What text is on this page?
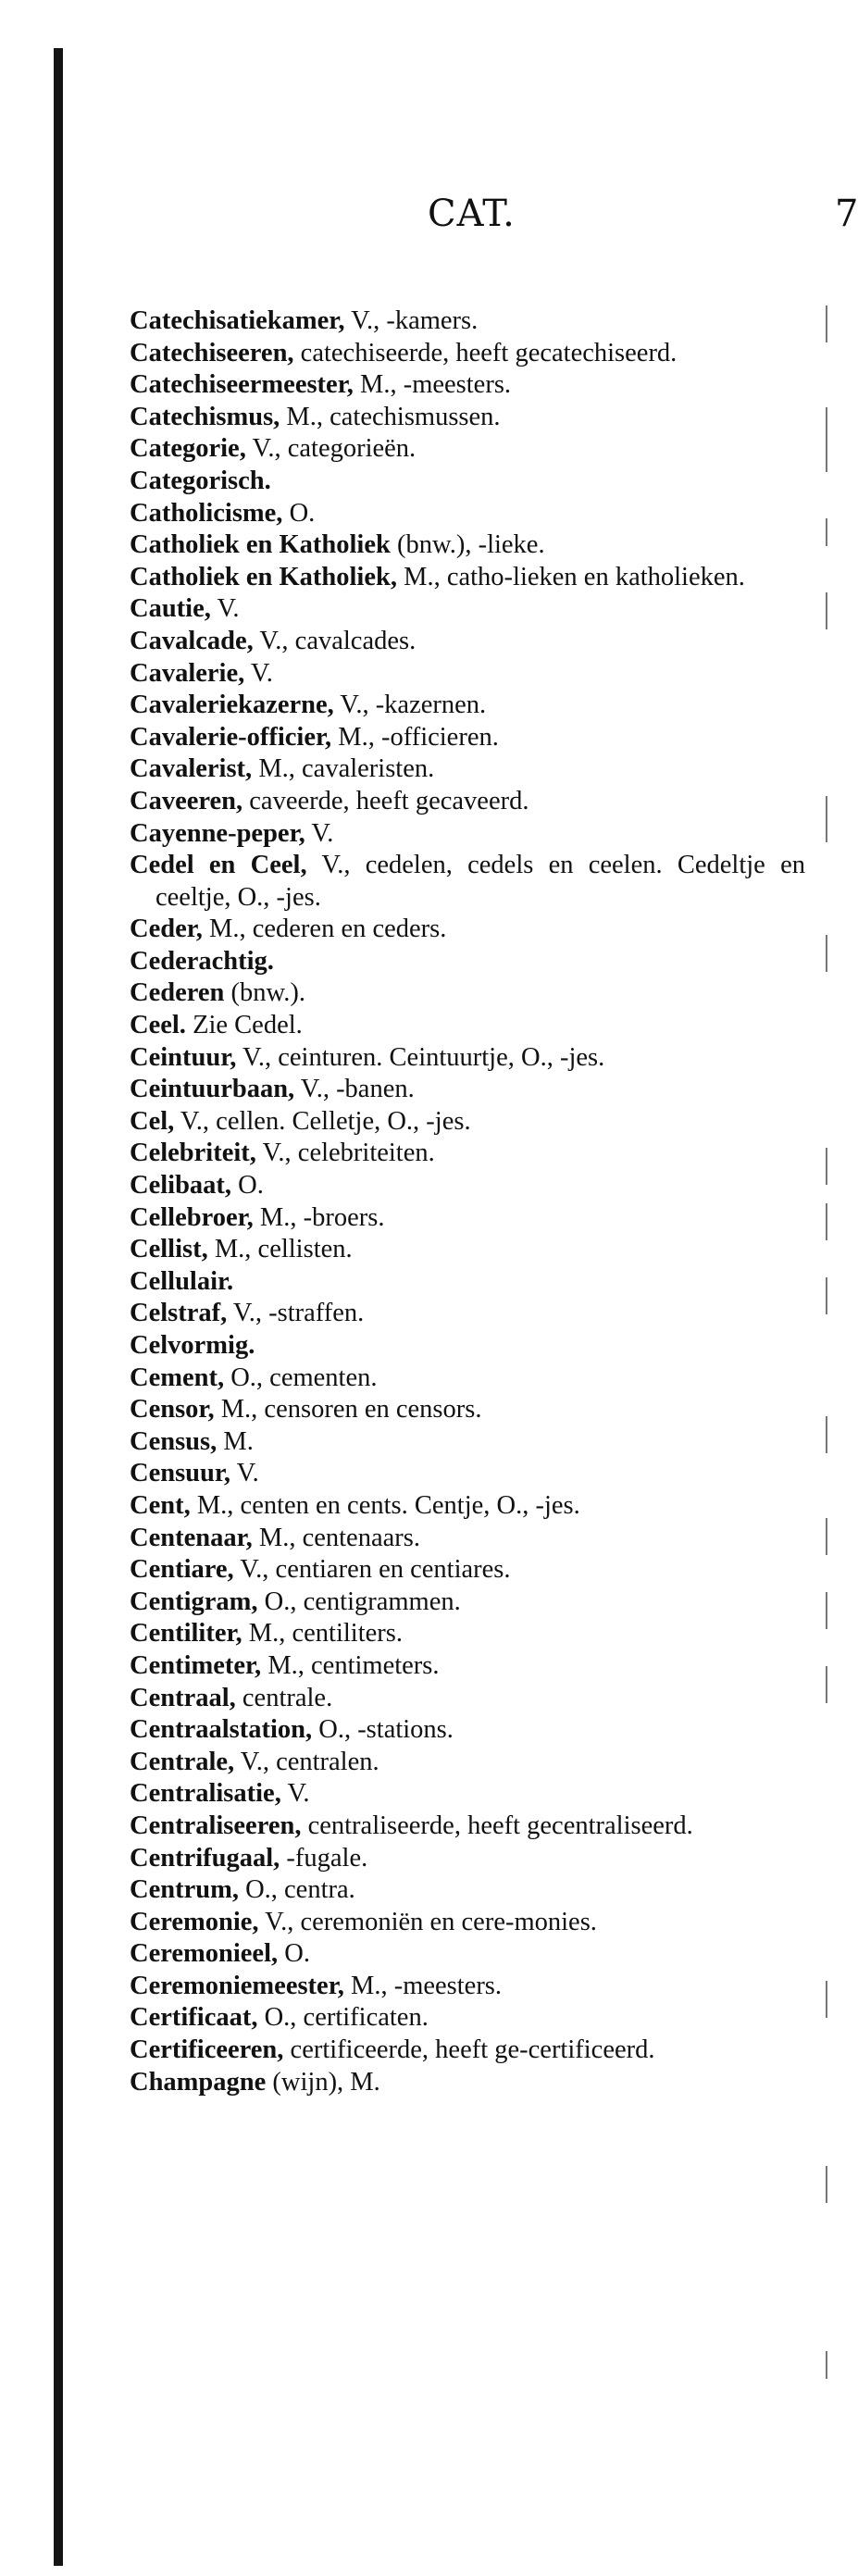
CAT.	7
Catechisatiekamer, V., -kamers.
Catechiseeren, catechiseerde, heeft gecatechiseerd.
Catechiseermeester, M., -meesters.
Catechismus, M., catechismussen.
Categorie, V., categorieën.
Categorisch.
Catholicisme, O.
Catholiek en Katholiek (bnw.), -lieke.
Catholiek en Katholiek, M., catho-lieken en katholieken.
Cautie, V.
Cavalcade, V., cavalcades.
Cavalerie, V.
Cavaleriekazerne, V., -kazernen.
Cavalerie-officier, M., -officieren.
Cavalerist, M., cavaleristen.
Caveeren, caveerde, heeft gecaveerd.
Cayenne-peper, V.
Cedel en Ceel, V., cedelen, cedels en ceelen. Cedeltje en ceeltje, O., -jes.
Ceder, M., cederen en ceders.
Cederachtig.
Cederen (bnw.).
Ceel. Zie Cedel.
Ceintuur, V., ceinturen. Ceintuurtje, O., -jes.
Ceintuurbaan, V., -banen.
Cel, V., cellen. Celletje, O., -jes.
Celebriteit, V., celebriteiten.
Celibaat, O.
Cellebroer, M., -broers.
Cellist, M., cellisten.
Cellulair.
Celstraf, V., -straffen.
Celvormig.
Cement, O., cementen.
Censor, M., censoren en censors.
Census, M.
Censuur, V.
Cent, M., centen en cents. Centje, O., -jes.
Centenaar, M., centenaars.
Centiare, V., centiaren en centiares.
Centigram, O., centigrammen.
Centiliter, M., centiliters.
Centimeter, M., centimeters.
Centraal, centrale.
Centraalstation, O., -stations.
Centrale, V., centralen.
Centralisatie, V.
Centraliseeren, centraliseerde, heeft gecentraliseerd.
Centrifugaal, -fugale.
Centrum, O., centra.
Ceremonie, V., ceremoniën en cere-monies.
Ceremonieel, O.
Ceremoniemeester, M., -meesters.
Certificaat, O., certificaten.
Certificeeren, certificeerde, heeft ge-certificeerd.
Champagne (wijn), M.
